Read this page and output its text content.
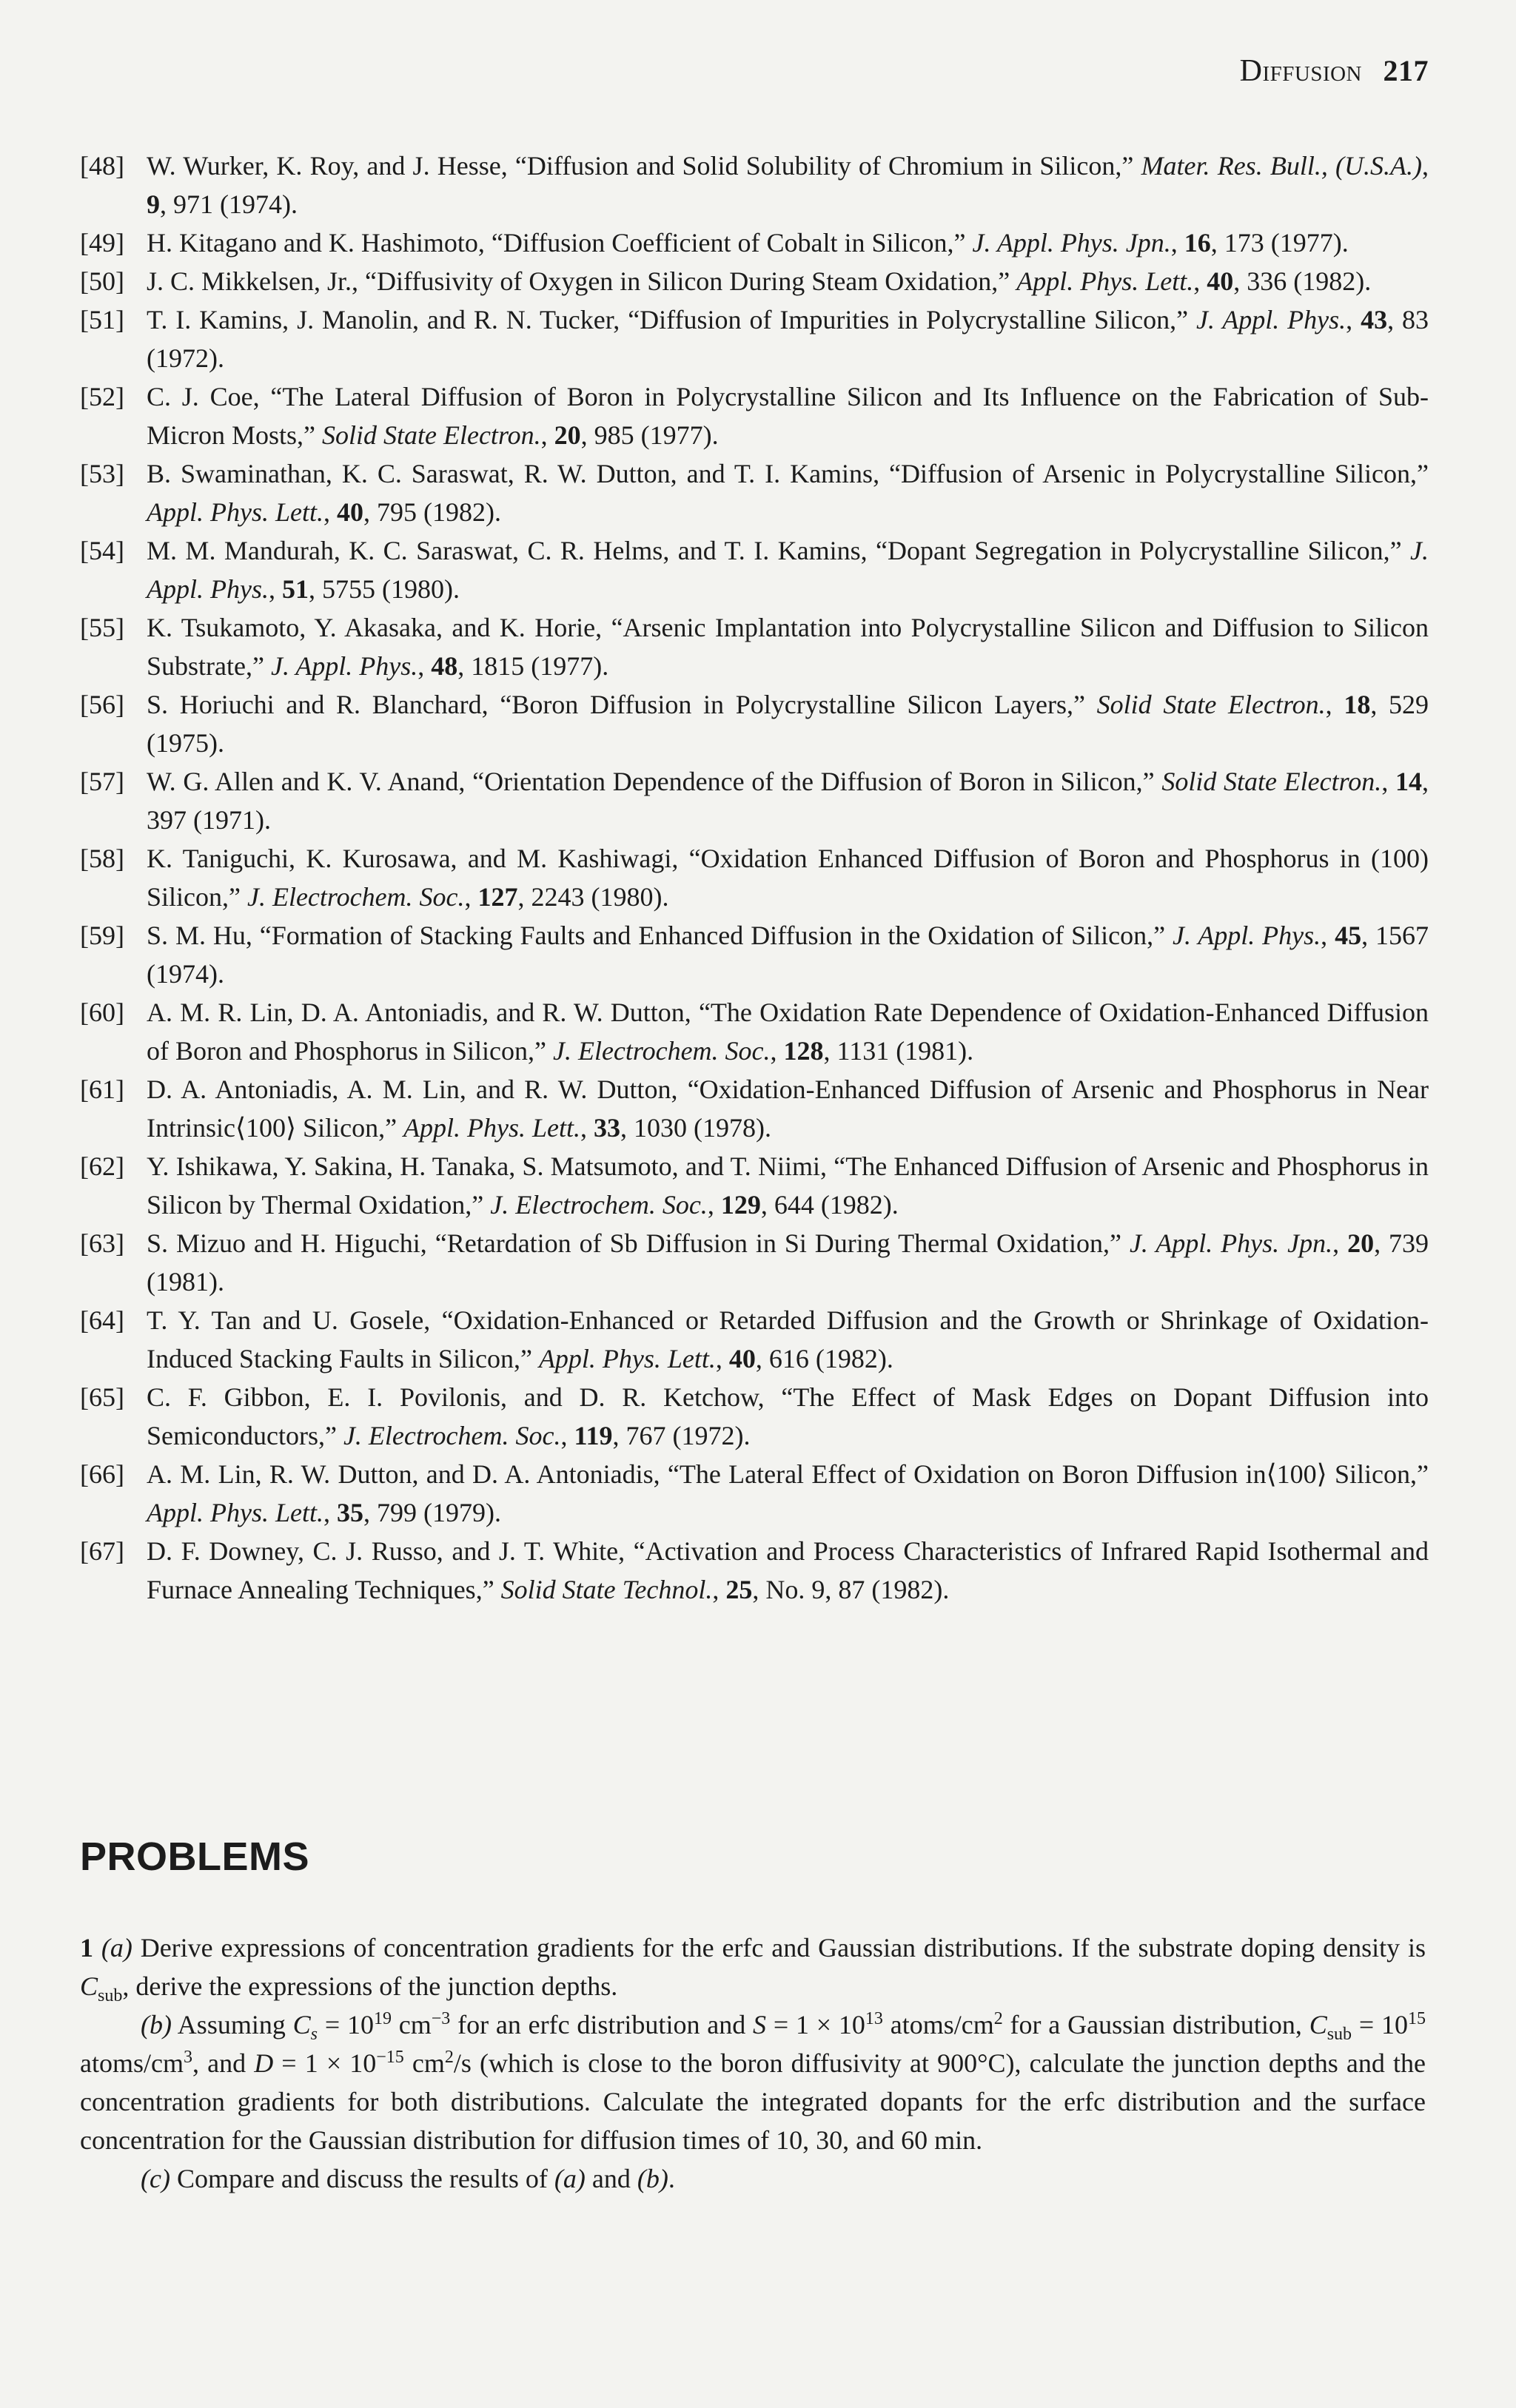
Diffusion 217
[48] W. Wurker, K. Roy, and J. Hesse, “Diffusion and Solid Solubility of Chromium in Silicon,” Mater. Res. Bull., (U.S.A.), 9, 971 (1974).
[49] H. Kitagano and K. Hashimoto, “Diffusion Coefficient of Cobalt in Silicon,” J. Appl. Phys. Jpn., 16, 173 (1977).
[50] J. C. Mikkelsen, Jr., “Diffusivity of Oxygen in Silicon During Steam Oxidation,” Appl. Phys. Lett., 40, 336 (1982).
[51] T. I. Kamins, J. Manolin, and R. N. Tucker, “Diffusion of Impurities in Polycrystalline Silicon,” J. Appl. Phys., 43, 83 (1972).
[52] C. J. Coe, “The Lateral Diffusion of Boron in Polycrystalline Silicon and Its Influence on the Fabrication of Sub-Micron Mosts,” Solid State Electron., 20, 985 (1977).
[53] B. Swaminathan, K. C. Saraswat, R. W. Dutton, and T. I. Kamins, “Diffusion of Arsenic in Polycrystalline Silicon,” Appl. Phys. Lett., 40, 795 (1982).
[54] M. M. Mandurah, K. C. Saraswat, C. R. Helms, and T. I. Kamins, “Dopant Segregation in Polycrystalline Silicon,” J. Appl. Phys., 51, 5755 (1980).
[55] K. Tsukamoto, Y. Akasaka, and K. Horie, “Arsenic Implantation into Polycrystalline Silicon and Diffusion to Silicon Substrate,” J. Appl. Phys., 48, 1815 (1977).
[56] S. Horiuchi and R. Blanchard, “Boron Diffusion in Polycrystalline Silicon Layers,” Solid State Electron., 18, 529 (1975).
[57] W. G. Allen and K. V. Anand, “Orientation Dependence of the Diffusion of Boron in Silicon,” Solid State Electron., 14, 397 (1971).
[58] K. Taniguchi, K. Kurosawa, and M. Kashiwagi, “Oxidation Enhanced Diffusion of Boron and Phosphorus in (100) Silicon,” J. Electrochem. Soc., 127, 2243 (1980).
[59] S. M. Hu, “Formation of Stacking Faults and Enhanced Diffusion in the Oxidation of Silicon,” J. Appl. Phys., 45, 1567 (1974).
[60] A. M. R. Lin, D. A. Antoniadis, and R. W. Dutton, “The Oxidation Rate Dependence of Oxidation-Enhanced Diffusion of Boron and Phosphorus in Silicon,” J. Electrochem. Soc., 128, 1131 (1981).
[61] D. A. Antoniadis, A. M. Lin, and R. W. Dutton, “Oxidation-Enhanced Diffusion of Arsenic and Phosphorus in Near Intrinsic⟨100⟩ Silicon,” Appl. Phys. Lett., 33, 1030 (1978).
[62] Y. Ishikawa, Y. Sakina, H. Tanaka, S. Matsumoto, and T. Niimi, “The Enhanced Diffusion of Arsenic and Phosphorus in Silicon by Thermal Oxidation,” J. Electrochem. Soc., 129, 644 (1982).
[63] S. Mizuo and H. Higuchi, “Retardation of Sb Diffusion in Si During Thermal Oxidation,” J. Appl. Phys. Jpn., 20, 739 (1981).
[64] T. Y. Tan and U. Gosele, “Oxidation-Enhanced or Retarded Diffusion and the Growth or Shrinkage of Oxidation-Induced Stacking Faults in Silicon,” Appl. Phys. Lett., 40, 616 (1982).
[65] C. F. Gibbon, E. I. Povilonis, and D. R. Ketchow, “The Effect of Mask Edges on Dopant Diffusion into Semiconductors,” J. Electrochem. Soc., 119, 767 (1972).
[66] A. M. Lin, R. W. Dutton, and D. A. Antoniadis, “The Lateral Effect of Oxidation on Boron Diffusion in⟨100⟩ Silicon,” Appl. Phys. Lett., 35, 799 (1979).
[67] D. F. Downey, C. J. Russo, and J. T. White, “Activation and Process Characteristics of Infrared Rapid Isothermal and Furnace Annealing Techniques,” Solid State Technol., 25, No. 9, 87 (1982).
PROBLEMS

1 (a) Derive expressions of concentration gradients for the erfc and Gaussian distributions. If the substrate doping density is $C_{sub}$, derive the expressions of the junction depths.

(b) Assuming $C_s = 10^{19}$ $cm^{-3}$ for an erfc distribution and $S = 1 \times 10^{13}$ atoms/$cm^2$ for a Gaussian distribution, $C_{sub} = 10^{15}$ atoms/$cm^3$, and $D = 1 \times 10^{-15}$ $cm^2/s$ (which is close to the boron diffusivity at 900°C), calculate the junction depths and the concentration gradients for both distributions. Calculate the integrated dopants for the erfc distribution and the surface concentration for the Gaussian distribution for diffusion times of 10, 30, and 60 min.

(c) Compare and discuss the results of (a) and (b).
